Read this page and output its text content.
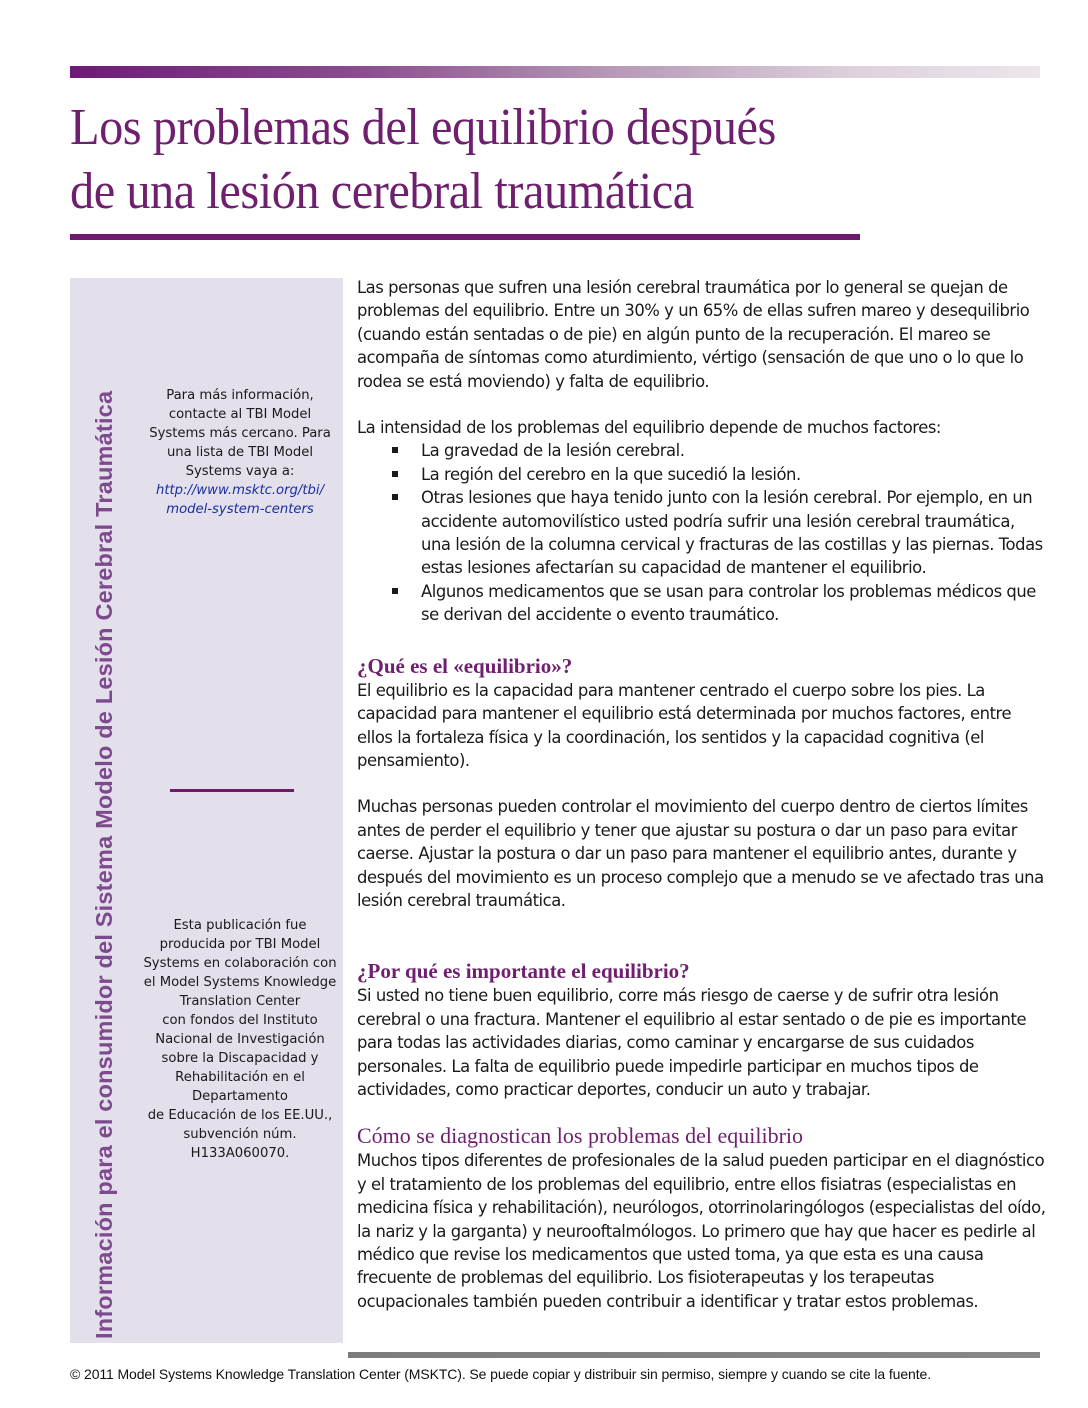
Los problemas del equilibrio después
de una lesión cerebral traumática
Información para el consumidor del Sistema Modelo de Lesión Cerebral Traumática	Para más información,
contacte al TBI Model
Systems más cercano. Para
una lista de TBI Model
Systems vaya a:
http://www.msktc.org/tbi/
model-system-centers
Esta publicación fue
producida por TBI Model
Systems en colaboración con
el Model Systems Knowledge
Translation Center
con fondos del Instituto
Nacional de Investigación
sobre la Discapacidad y
Rehabilitación en el
Departamento
de Educación de los EE.UU.,
subvención núm.
H133A060070.

Las personas que sufren una lesión cerebral traumática por lo general se quejan de problemas del equilibrio. Entre un 30% y un 65% de ellas sufren mareo y desequilibrio (cuando están sentadas o de pie) en algún punto de la recuperación. El mareo se acompaña de síntomas como aturdimiento, vértigo (sensación de que uno o lo que lo rodea se está moviendo) y falta de equilibrio.

La intensidad de los problemas del equilibrio depende de muchos factores:

La gravedad de la lesión cerebral.
La región del cerebro en la que sucedió la lesión.
Otras lesiones que haya tenido junto con la lesión cerebral. Por ejemplo, en un accidente automovilístico usted podría sufrir una lesión cerebral traumática, una lesión de la columna cervical y fracturas de las costillas y las piernas. Todas estas lesiones afectarían su capacidad de mantener el equilibrio.
Algunos medicamentos que se usan para controlar los problemas médicos que se derivan del accidente o evento traumático.
¿Qué es el «equilibrio»?

El equilibrio es la capacidad para mantener centrado el cuerpo sobre los pies. La capacidad para mantener el equilibrio está determinada por muchos factores, entre ellos la fortaleza física y la coordinación, los sentidos y la capacidad cognitiva (el pensamiento).

Muchas personas pueden controlar el movimiento del cuerpo dentro de ciertos límites antes de perder el equilibrio y tener que ajustar su postura o dar un paso para evitar caerse. Ajustar la postura o dar un paso para mantener el equilibrio antes, durante y después del movimiento es un proceso complejo que a menudo se ve afectado tras una lesión cerebral traumática.

¿Por qué es importante el equilibrio?

Si usted no tiene buen equilibrio, corre más riesgo de caerse y de sufrir otra lesión cerebral o una fractura. Mantener el equilibrio al estar sentado o de pie es importante para todas las actividades diarias, como caminar y encargarse de sus cuidados personales. La falta de equilibrio puede impedirle participar en muchos tipos de actividades, como practicar deportes, conducir un auto y trabajar.

Cómo se diagnostican los problemas del equilibrio

Muchos tipos diferentes de profesionales de la salud pueden participar en el diagnóstico y el tratamiento de los problemas del equilibrio, entre ellos fisiatras (especialistas en medicina física y rehabilitación), neurólogos, otorrinolaringólogos (especialistas del oído, la nariz y la garganta) y neurooftalmólogos. Lo primero que hay que hacer es pedirle al médico que revise los medicamentos que usted toma, ya que esta es una causa frecuente de problemas del equilibrio. Los fisioterapeutas y los terapeutas ocupacionales también pueden contribuir a identificar y tratar estos problemas.

© 2011 Model Systems Knowledge Translation Center (MSKTC). Se puede copiar y distribuir sin permiso, siempre y cuando se cite la fuente.
